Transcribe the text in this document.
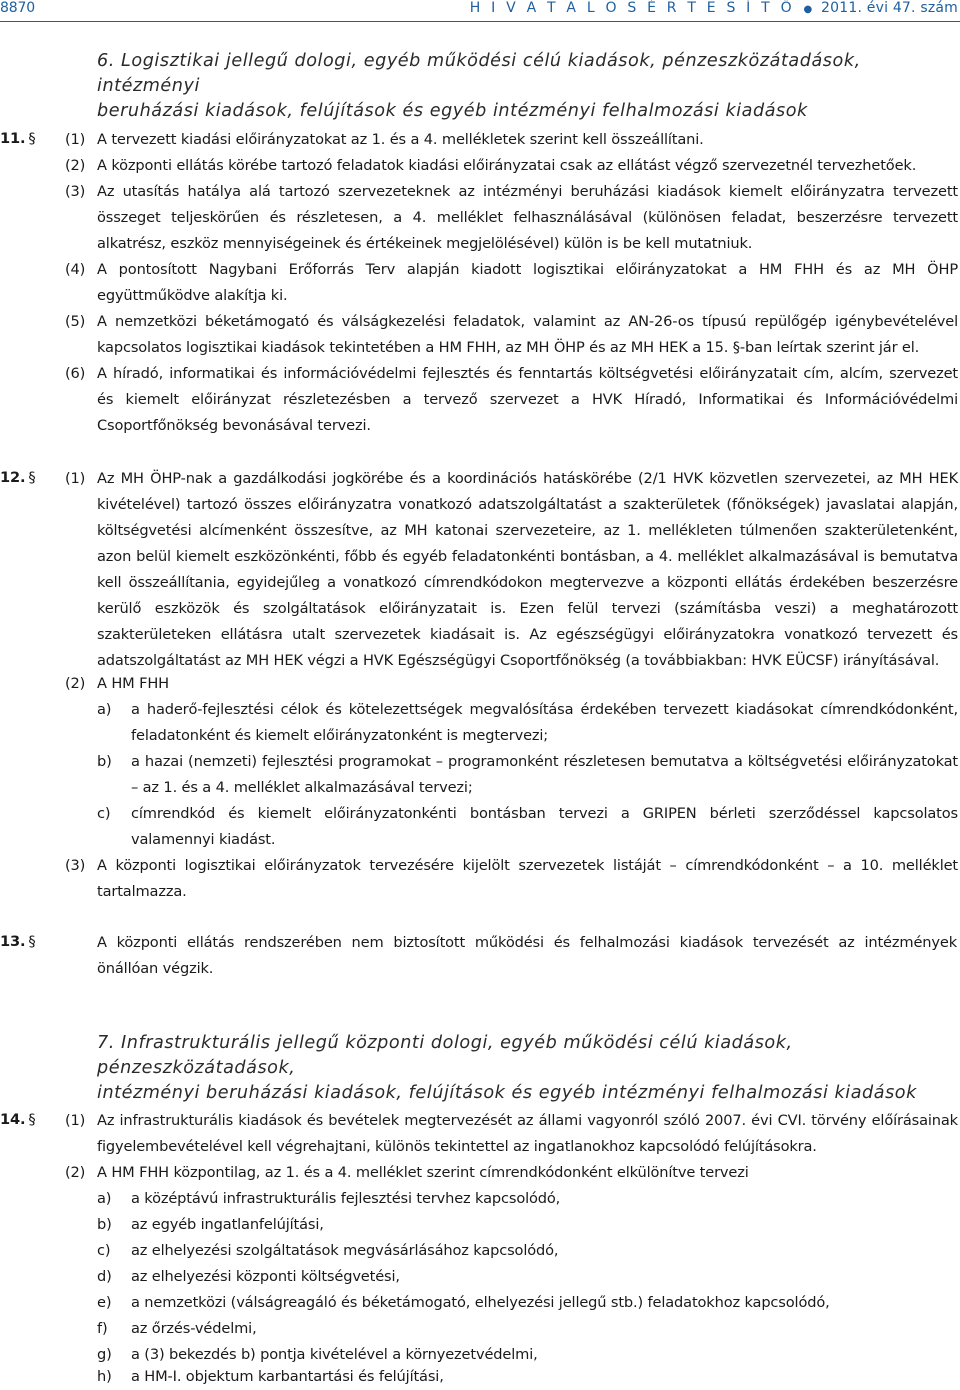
8870	H I V A T A L O S É R T E S Í T Ő ● 2011. évi 47. szám
6. Logisztikai jellegű dologi, egyéb működési célú kiadások, pénzeszközátadások, intézményi
beruházási kiadások, felújítások és egyéb intézményi felhalmozási kiadások
11. § (1) A tervezett kiadási előirányzatokat az 1. és a 4. mellékletek szerint kell összeállítani.
(2) A központi ellátás körébe tartozó feladatok kiadási előirányzatai csak az ellátást végző szervezetnél tervezhetőek.
(3) Az utasítás hatálya alá tartozó szervezeteknek az intézményi beruházási kiadások kiemelt előirányzatra tervezett összeget teljeskörűen és részletesen, a 4. melléklet felhasználásával (különösen feladat, beszerzésre tervezett alkatrész, eszköz mennyiségeinek és értékeinek megjelölésével) külön is be kell mutatniuk.
(4) A pontosított Nagybani Erőforrás Terv alapján kiadott logisztikai előirányzatokat a HM FHH és az MH ÖHP együttműködve alakítja ki.
(5) A nemzetközi béketámogató és válságkezelési feladatok, valamint az AN-26-os típusú repülőgép igénybevételével kapcsolatos logisztikai kiadások tekintetében a HM FHH, az MH ÖHP és az MH HEK a 15. §-ban leírtak szerint jár el.
(6) A híradó, informatikai és információvédelmi fejlesztés és fenntartás költségvetési előirányzatait cím, alcím, szervezet és kiemelt előirányzat részletezésben a tervező szervezet a HVK Híradó, Informatikai és Információvédelmi Csoportfőnökség bevonásával tervezi.
12. § (1) Az MH ÖHP-nak a gazdálkodási jogkörébe és a koordinációs hatáskörébe (2/1 HVK közvetlen szervezetei, az MH HEK kivételével) tartozó összes előirányzatra vonatkozó adatszolgáltatást a szakterületek (főnökségek) javaslatai alapján, költségvetési alcímenként összesítve, az MH katonai szervezeteire, az 1. mellékleten túlmenően szakterületenként, azon belül kiemelt eszközönkénti, főbb és egyéb feladatonkénti bontásban, a 4. melléklet alkalmazásával is bemutatva kell összeállítania, egyidejűleg a vonatkozó címrendkódokon megtervezve a központi ellátás érdekében beszerzésre kerülő eszközök és szolgáltatások előirányzatait is. Ezen felül tervezi (számításba veszi) a meghatározott szakterületeken ellátásra utalt szervezetek kiadásait is. Az egészségügyi előirányzatokra vonatkozó tervezett és adatszolgáltatást az MH HEK végzi a HVK Egészségügyi Csoportfőnökség (a továbbiakban: HVK EÜCSF) irányításával.
(2) A HM FHH
a) a haderő-fejlesztési célok és kötelezettségek megvalósítása érdekében tervezett kiadásokat címrendkódonként, feladatonként és kiemelt előirányzatonként is megtervezi;
b) a hazai (nemzeti) fejlesztési programokat – programonként részletesen bemutatva a költségvetési előirányzatokat – az 1. és a 4. melléklet alkalmazásával tervezi;
c) címrendkód és kiemelt előirányzatonkénti bontásban tervezi a GRIPEN bérleti szerződéssel kapcsolatos valamennyi kiadást.
(3) A központi logisztikai előirányzatok tervezésére kijelölt szervezetek listáját – címrendkódonként – a 10. melléklet tartalmazza.
13. §	A központi ellátás rendszerében nem biztosított működési és felhalmozási kiadások tervezését az intézmények önállóan végzik.
7. Infrastrukturális jellegű központi dologi, egyéb működési célú kiadások, pénzeszközátadások,
intézményi beruházási kiadások, felújítások és egyéb intézményi felhalmozási kiadások
14. § (1) Az infrastrukturális kiadások és bevételek megtervezését az állami vagyonról szóló 2007. évi CVI. törvény előírásainak figyelembevételével kell végrehajtani, különös tekintettel az ingatlanokhoz kapcsolódó felújításokra.
(2) A HM FHH központilag, az 1. és a 4. melléklet szerint címrendkódonként elkülönítve tervezi
a) a középtávú infrastrukturális fejlesztési tervhez kapcsolódó,
b) az egyéb ingatlanfelújítási,
c) az elhelyezési szolgáltatások megvásárlásához kapcsolódó,
d) az elhelyezési központi költségvetési,
e) a nemzetközi (válságreagáló és béketámogató, elhelyezési jellegű stb.) feladatokhoz kapcsolódó,
f) az őrzés-védelmi,
g) a (3) bekezdés b) pontja kivételével a környezetvédelmi,
h) a HM-I. objektum karbantartási és felújítási,
